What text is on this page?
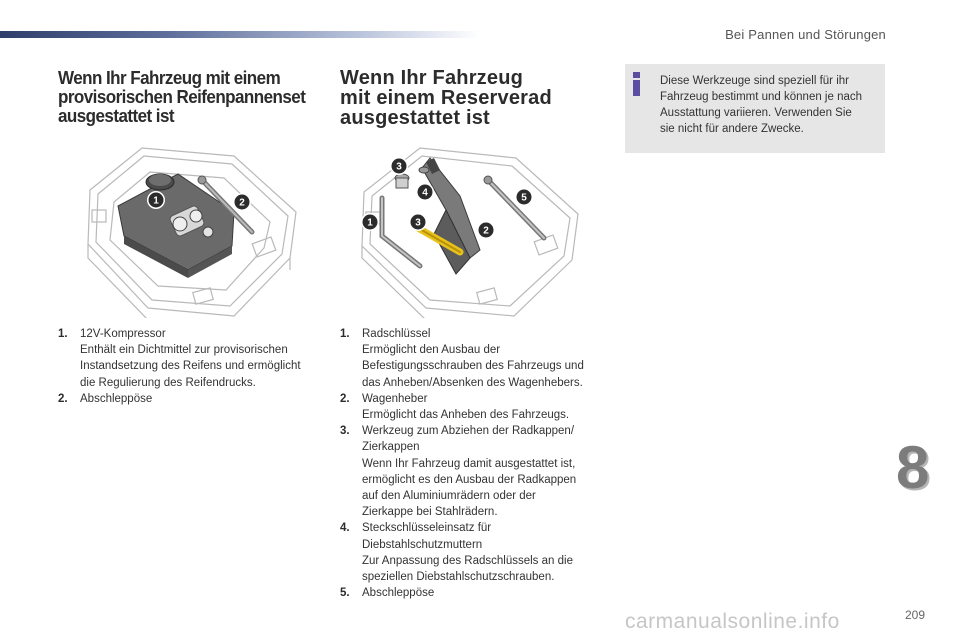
Bei Pannen und Störungen
Wenn Ihr Fahrzeug mit einem
provisorischen Reifenpannenset
ausgestattet ist
Wenn Ihr Fahrzeug
mit einem Reserverad
ausgestattet ist
Diese Werkzeuge sind speziell für ihr
Fahrzeug bestimmt und können je nach
Ausstattung variieren. Verwenden Sie
sie nicht für andere Zwecke.
1	2
1
3
4
3
2
5
1. 12V-Kompressor
Enthält ein Dichtmittel zur provisorischen
Instandsetzung des Reifens und ermöglicht
die Regulierung des Reifendrucks.
2. Abschleppöse
1. Radschlüssel
Ermöglicht den Ausbau der
Befestigungsschrauben des Fahrzeugs und
das Anheben/Absenken des Wagenhebers.
2. Wagenheber
Ermöglicht das Anheben des Fahrzeugs.
3. Werkzeug zum Abziehen der Radkappen/
Zierkappen
Wenn Ihr Fahrzeug damit ausgestattet ist,
ermöglicht es den Ausbau der Radkappen
auf den Aluminiumrädern oder der
Zierkappe bei Stahlrädern.
4. Steckschlüsseleinsatz für
Diebstahlschutzmuttern
Zur Anpassung des Radschlüssels an die
speziellen Diebstahlschutzschrauben.
5. Abschleppöse
8
209
carmanualsonline.info
